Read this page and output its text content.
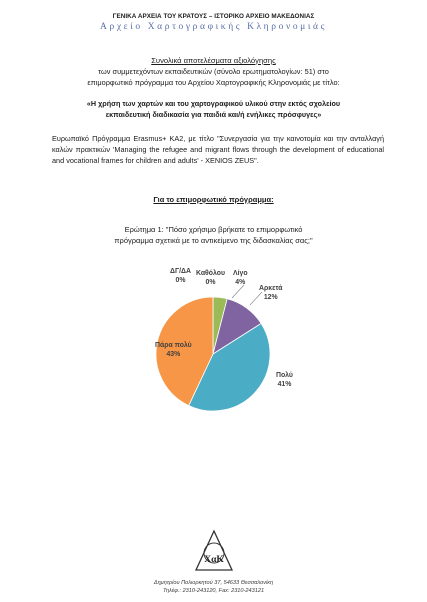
ΓΕΝΙΚΑ ΑΡΧΕΙΑ ΤΟΥ ΚΡΑΤΟΥΣ – ΙΣΤΟΡΙΚΟ ΑΡΧΕΙΟ ΜΑΚΕΔΟΝΙΑΣ
Αρχείο Χαρτογραφικής Κληρονομιάς
Συνολικά αποτελέσματα αξιολόγησης
των συμμετεχόντων εκπαιδευτικών (σύνολο ερωτηματολογίων: 51) στο
επιμορφωτικό πρόγραμμα του Αρχείου Χαρτογραφικής Κληρονομιάς με τίτλο:
«Η χρήση των χαρτών και του χαρτογραφικού υλικού στην εκτός σχολείου
εκπαιδευτική διαδικασία για παιδιά και/ή ενήλικες πρόσφυγες»
Ευρωπαϊκό Πρόγραμμα Erasmus+ ΚΑ2, με τίτλο "Συνεργασία για την καινοτομία και την ανταλλαγή καλών πρακτικών 'Managing the refugee and migrant flows through the development of educational and vocational frames for children and adults' - XENIOS ZEUS".
Για το επιμορφωτικό πρόγραμμα:
Ερώτημα 1: "Πόσο χρήσιμο βρήκατε το επιμορφωτικό
πρόγραμμα σχετικά με το αντικείμενο της διδασκαλίας σας;"
ΔΓ/ΔΑ
0%
Καθόλου
0%
Λίγο
4%
Αρκετά
12%
Πολύ
41%
Πάρα πολύ
43%
ΧαΚ
Δημητρίου Πολιορκητού 37, 54633 Θεσσαλονίκη
Τηλέφ.: 2310-243120, Fax: 2310-243121
